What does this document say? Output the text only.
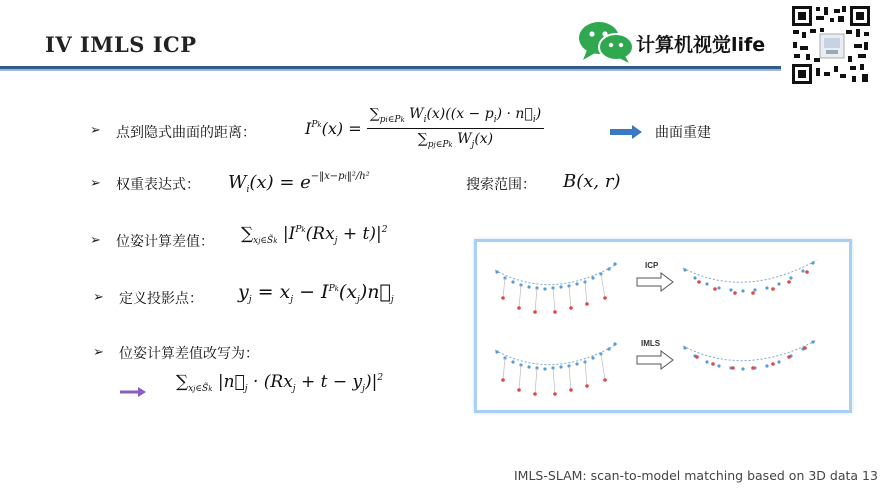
IV IMLS ICP	计算机视觉life
➢ 点到隐式曲面的距离：	$I^{Pk}(x) = \frac{\sum_{pi\in Pk} W_i(x)((x - p_i) \cdot n⃗_i)}{\sum_{pj\in Pk} W_j(x)}$	曲面重建
➢ 权重表达式： $W_i(x) = e^{-‖x-pi‖^2/h^2}$
搜索范围： B(x, r)
➢ 位姿计算差值： $\sum_{xj\in S̃k}$ $|I^{Pk}(Rx_j + t)|^2$
➢ 定义投影点： $y_j = x_j$ − $I^{Pk}(x_j)n⃗_j$
➢ 位姿计算差值改写为：
$\sum_{xj\in S̃k}$ $|n⃗_j \cdot (Rx_j + t - y_j)|^2$
ICP
IMLS
IMLS-SLAM: scan-to-model matching based on 3D data 13
